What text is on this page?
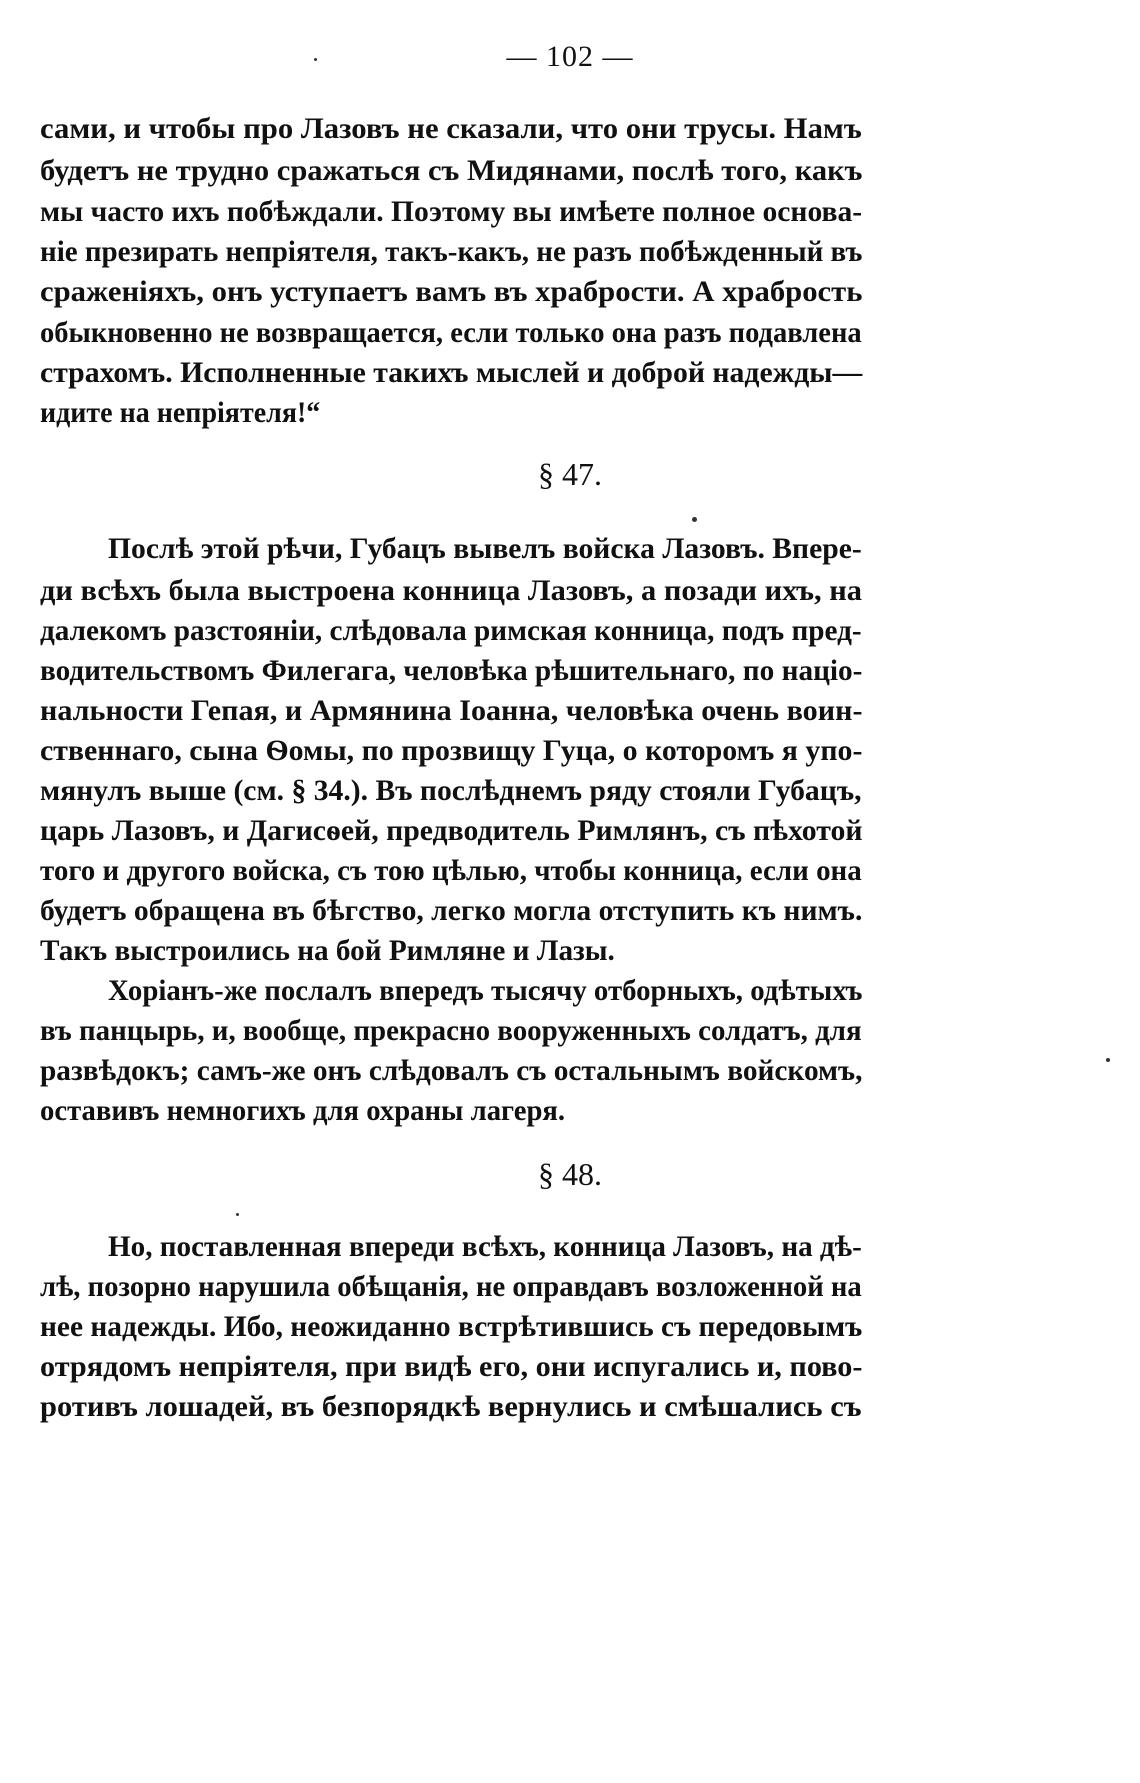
— 102 —
сами, и чтобы про Лазовъ не сказали, что они трусы. Намъ
будетъ не трудно сражаться съ Мидянами, послѣ того, какъ
мы часто ихъ побѣждали. Поэтому вы имѣете полное основа-
нiе презирать непрiятеля, такъ-какъ, не разъ побѣжденный въ
сраженiяхъ, онъ уступаетъ вамъ въ храбрости. А храбрость
обыкновенно не возвращается, если только она разъ подавлена
страхомъ. Исполненные такихъ мыслей и доброй надежды—
идите на непрiятеля!“
§ 47.
Послѣ этой рѣчи, Губацъ вывелъ войска Лазовъ. Впере-
ди всѣхъ была выстроена конница Лазовъ, а позади ихъ, на
далекомъ разстоянiи, слѣдовала римская конница, подъ пред-
водительствомъ Филегага, человѣка рѣшительнаго, по нацiо-
нальности Гепая, и Армянина Iоанна, человѣка очень воин-
ственнаго, сына Ѳомы, по прозвищу Гуца, о которомъ я упо-
мянулъ выше (см. § 34.). Въ послѣднемъ ряду стояли Губацъ,
царь Лазовъ, и Дагисѳей, предводитель Римлянъ, съ пѣхотой
того и другого войска, съ тою цѣлью, чтобы конница, если она
будетъ обращена въ бѣгство, легко могла отступить къ нимъ.
Такъ выстроились на бой Римляне и Лазы.
Хорiанъ-же послалъ впередъ тысячу отборныхъ, одѣтыхъ
въ панцырь, и, вообще, прекрасно вооруженныхъ солдатъ, для
развѣдокъ; самъ-же онъ слѣдовалъ съ остальнымъ войскомъ,
оставивъ немногихъ для охраны лагеря.
§ 48.
Но, поставленная впереди всѣхъ, конница Лазовъ, на дѣ-
лѣ, позорно нарушила обѣщанiя, не оправдавъ возложенной на
нее надежды. Ибо, неожиданно встрѣтившись съ передовымъ
отрядомъ непрiятеля, при видѣ его, они испугались и, пово-
ротивъ лошадей, въ безпорядкѣ вернулись и смѣшались съ
